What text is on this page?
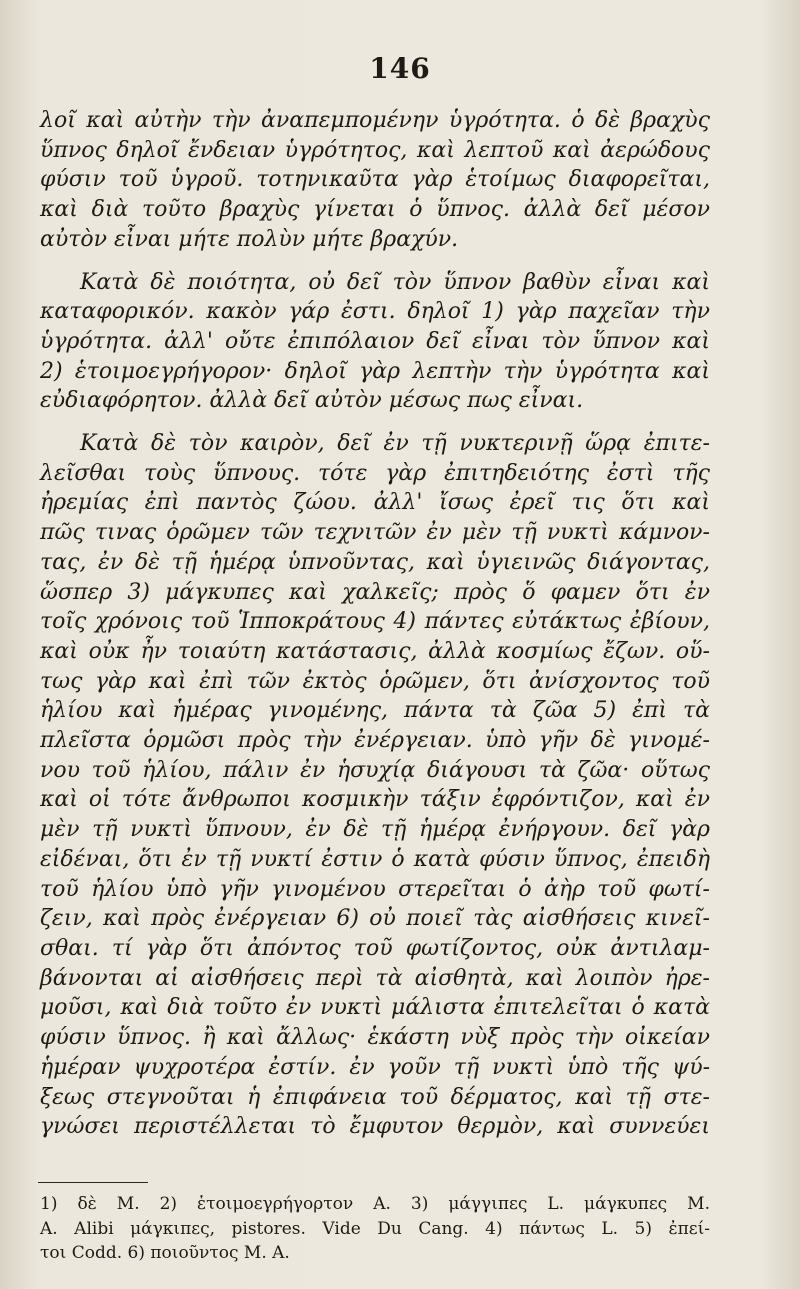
146
λοῖ καὶ αὐτὴν τὴν ἀναπεμπομένην ὑγρότητα. ὁ δὲ βραχὺς
ὕπνος δηλοῖ ἔνδειαν ὑγρότητος, καὶ λεπτοῦ καὶ ἀερώδους
φύσιν τοῦ ὑγροῦ. τοτηνικαῦτα γὰρ ἑτοίμως διαφορεῖται,
καὶ διὰ τοῦτο βραχὺς γίνεται ὁ ὕπνος. ἀλλὰ δεῖ μέσον
αὐτὸν εἶναι μήτε πολὺν μήτε βραχύν.
Κατὰ δὲ ποιότητα, οὐ δεῖ τὸν ὕπνον βαθὺν εἶναι καὶ
καταφορικόν. κακὸν γάρ ἐστι. δηλοῖ 1) γὰρ παχεῖαν τὴν
ὑγρότητα. ἀλλ' οὔτε ἐπιπόλαιον δεῖ εἶναι τὸν ὕπνον καὶ
2) ἑτοιμοεγρήγορον· δηλοῖ γὰρ λεπτὴν τὴν ὑγρότητα καὶ
εὐδιαφόρητον. ἀλλὰ δεῖ αὐτὸν μέσως πως εἶναι.
Κατὰ δὲ τὸν καιρὸν, δεῖ ἐν τῇ νυκτερινῇ ὥρᾳ ἐπιτε-
λεῖσθαι τοὺς ὕπνους. τότε γὰρ ἐπιτηδειότης ἐστὶ τῆς
ἠρεμίας ἐπὶ παντὸς ζώου. ἀλλ' ἴσως ἐρεῖ τις ὅτι καὶ
πῶς τινας ὁρῶμεν τῶν τεχνιτῶν ἐν μὲν τῇ νυκτὶ κάμνον-
τας, ἐν δὲ τῇ ἡμέρᾳ ὑπνοῦντας, καὶ ὑγιεινῶς διάγοντας,
ὥσπερ 3) μάγκυπες καὶ χαλκεῖς; πρὸς ὅ φαμεν ὅτι ἐν
τοῖς χρόνοις τοῦ Ἱπποκράτους 4) πάντες εὐτάκτως ἐβίουν,
καὶ οὐκ ἦν τοιαύτη κατάστασις, ἀλλὰ κοσμίως ἔζων. οὕ-
τως γὰρ καὶ ἐπὶ τῶν ἐκτὸς ὁρῶμεν, ὅτι ἀνίσχοντος τοῦ
ἡλίου καὶ ἡμέρας γινομένης, πάντα τὰ ζῶα 5) ἐπὶ τὰ
πλεῖστα ὁρμῶσι πρὸς τὴν ἐνέργειαν. ὑπὸ γῆν δὲ γινομέ-
νου τοῦ ἡλίου, πάλιν ἐν ἡσυχίᾳ διάγουσι τὰ ζῶα· οὕτως
καὶ οἱ τότε ἄνθρωποι κοσμικὴν τάξιν ἐφρόντιζον, καὶ ἐν
μὲν τῇ νυκτὶ ὕπνουν, ἐν δὲ τῇ ἡμέρᾳ ἐνήργουν. δεῖ γὰρ
εἰδέναι, ὅτι ἐν τῇ νυκτί ἐστιν ὁ κατὰ φύσιν ὕπνος, ἐπειδὴ
τοῦ ἡλίου ὑπὸ γῆν γινομένου στερεῖται ὁ ἀὴρ τοῦ φωτί-
ζειν, καὶ πρὸς ἐνέργειαν 6) οὐ ποιεῖ τὰς αἰσθήσεις κινεῖ-
σθαι. τί γὰρ ὅτι ἀπόντος τοῦ φωτίζοντος, οὐκ ἀντιλαμ-
βάνονται αἱ αἰσθήσεις περὶ τὰ αἰσθητὰ, καὶ λοιπὸν ἠρε-
μοῦσι, καὶ διὰ τοῦτο ἐν νυκτὶ μάλιστα ἐπιτελεῖται ὁ κατὰ
φύσιν ὕπνος. ἢ καὶ ἄλλως· ἑκάστη νὺξ πρὸς τὴν οἰκείαν
ἡμέραν ψυχροτέρα ἐστίν. ἐν γοῦν τῇ νυκτὶ ὑπὸ τῆς ψύ-
ξεως στεγνοῦται ἡ ἐπιφάνεια τοῦ δέρματος, καὶ τῇ στε-
γνώσει περιστέλλεται τὸ ἔμφυτον θερμὸν, καὶ συννεύει
1) δὲ M. 2) ἑτοιμοεγρήγορτον A. 3) μάγγιπες L. μάγκυπες M.
A. Alibi μάγκιπες, pistores. Vide Du Cang. 4) πάντως L. 5) ἐπεί-
τοι Codd. 6) ποιοῦντος M. A.
